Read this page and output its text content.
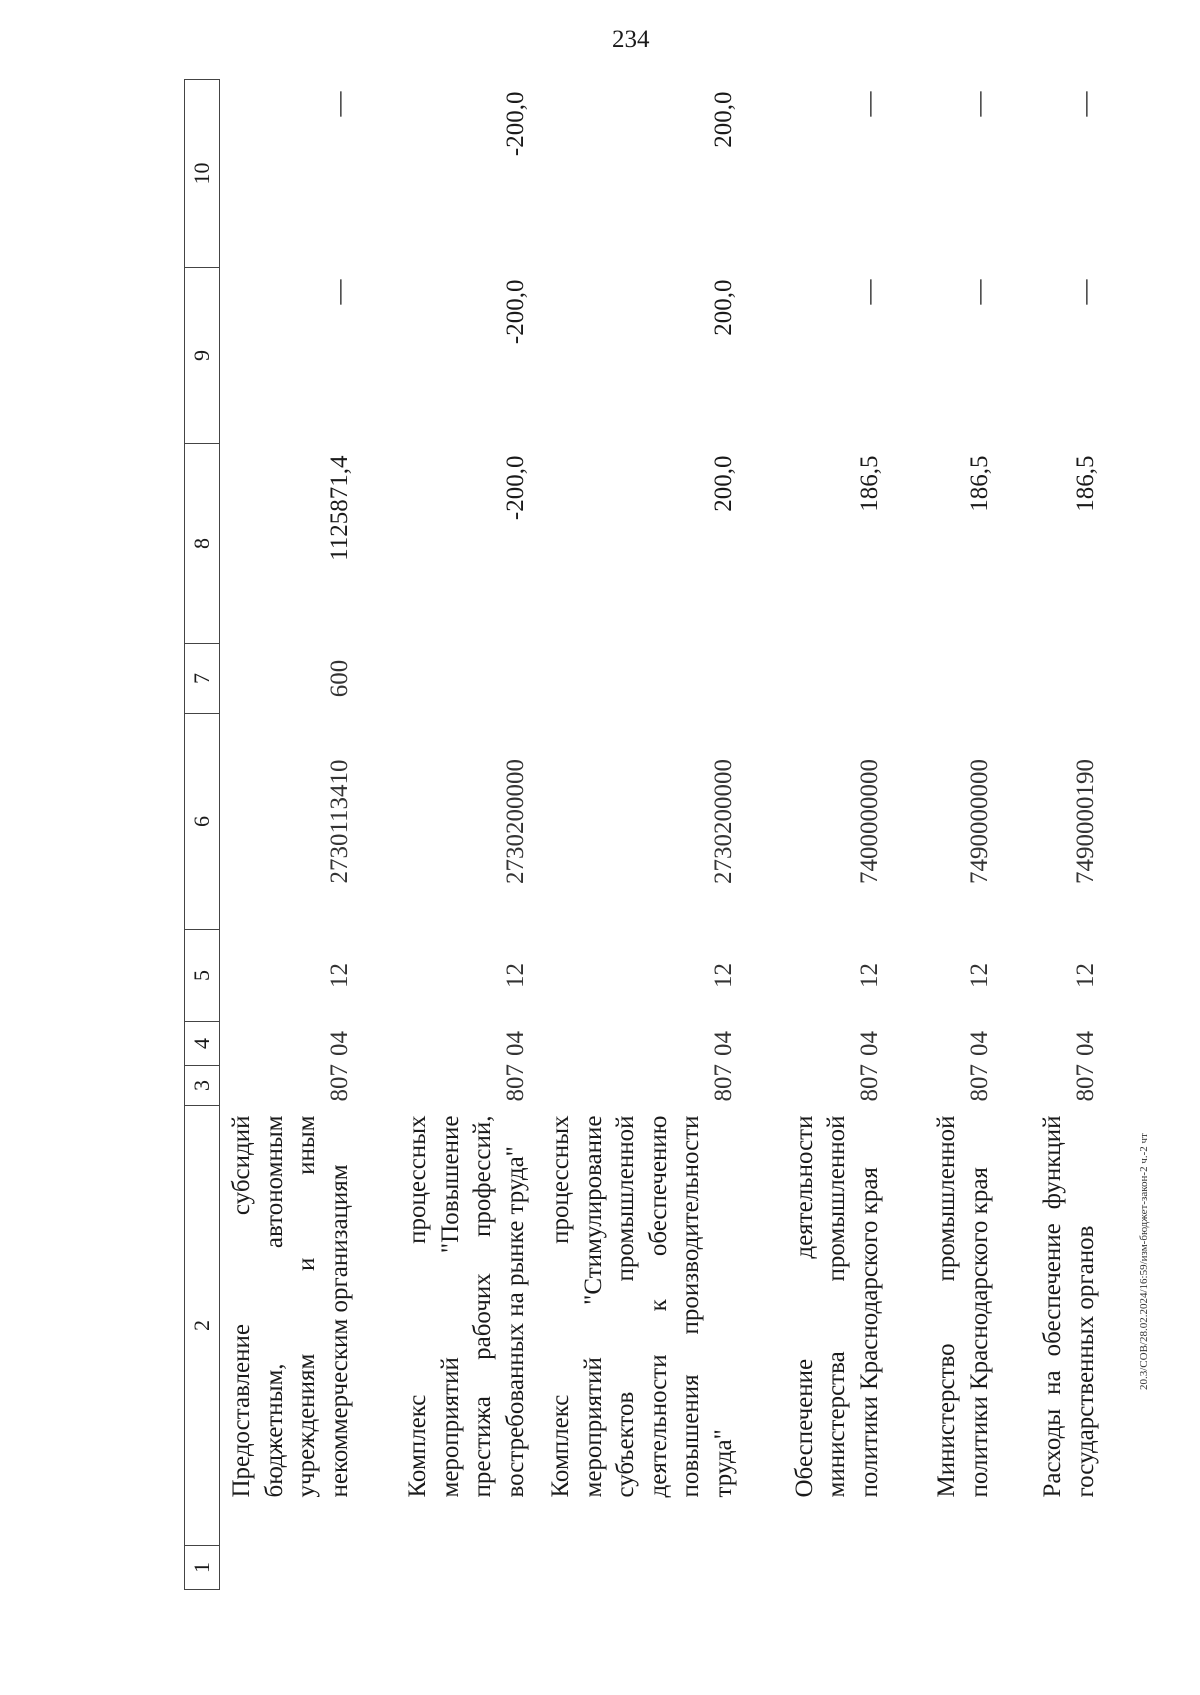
234
1	2	3	4	5	6	7	8	9	10
	Предоставление субсидий бюджетным, автономным учреждениям и иным некоммерческим организациям	807	04	12	2730113410	600	1125871,4	—	—
	Комплекс процессных мероприятий "Повышение престижа рабочих профессий, востребованных на рынке труда"	807	04	12	2730200000		-200,0	-200,0	-200,0
	Комплекс процессных мероприятий "Стимулирование субъектов промышленной деятельности к обеспечению повышения производительности труда"	807	04	12	2730200000		200,0	200,0	200,0
	Обеспечение деятельности министерства промышленной политики Краснодарского края	807	04	12	7400000000		186,5	—	—
	Министерство промышленной политики Краснодарского края	807	04	12	7490000000		186,5	—	—
	Расходы на обеспечение функций государственных органов	807	04	12	7490000190		186,5	—	—
20.3/СОВ/28.02.2024/16:59/изм-бюджет-закон-2 ч.-2 чт
